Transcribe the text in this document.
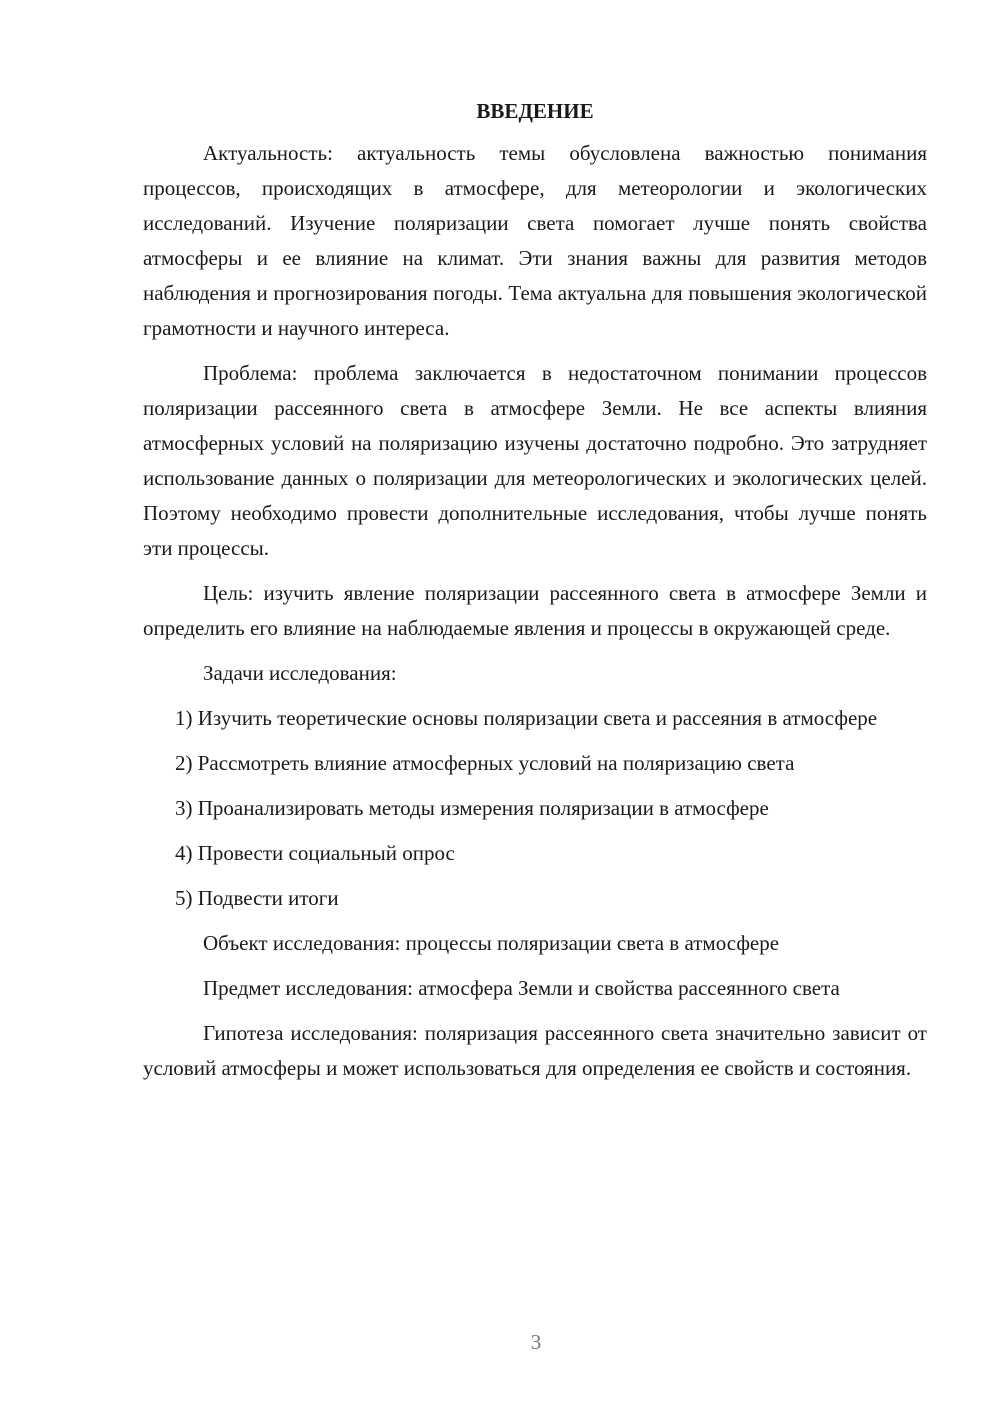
ВВЕДЕНИЕ

Актуальность: актуальность темы обусловлена важностью понимания процессов, происходящих в атмосфере, для метеорологии и экологических исследований. Изучение поляризации света помогает лучше понять свойства атмосферы и ее влияние на климат. Эти знания важны для развития методов наблюдения и прогнозирования погоды. Тема актуальна для повышения экологической грамотности и научного интереса.

Проблема: проблема заключается в недостаточном понимании процессов поляризации рассеянного света в атмосфере Земли. Не все аспекты влияния атмосферных условий на поляризацию изучены достаточно подробно. Это затрудняет использование данных о поляризации для метеорологических и экологических целей. Поэтому необходимо провести дополнительные исследования, чтобы лучше понять эти процессы.

Цель: изучить явление поляризации рассеянного света в атмосфере Земли и определить его влияние на наблюдаемые явления и процессы в окружающей среде.

Задачи исследования:

1) Изучить теоретические основы поляризации света и рассеяния в атмосфере

2) Рассмотреть влияние атмосферных условий на поляризацию света

3) Проанализировать методы измерения поляризации в атмосфере

4) Провести социальный опрос

5) Подвести итоги

Объект исследования: процессы поляризации света в атмосфере

Предмет исследования: атмосфера Земли и свойства рассеянного света

Гипотеза исследования: поляризация рассеянного света значительно зависит от условий атмосферы и может использоваться для определения ее свойств и состояния.

3
